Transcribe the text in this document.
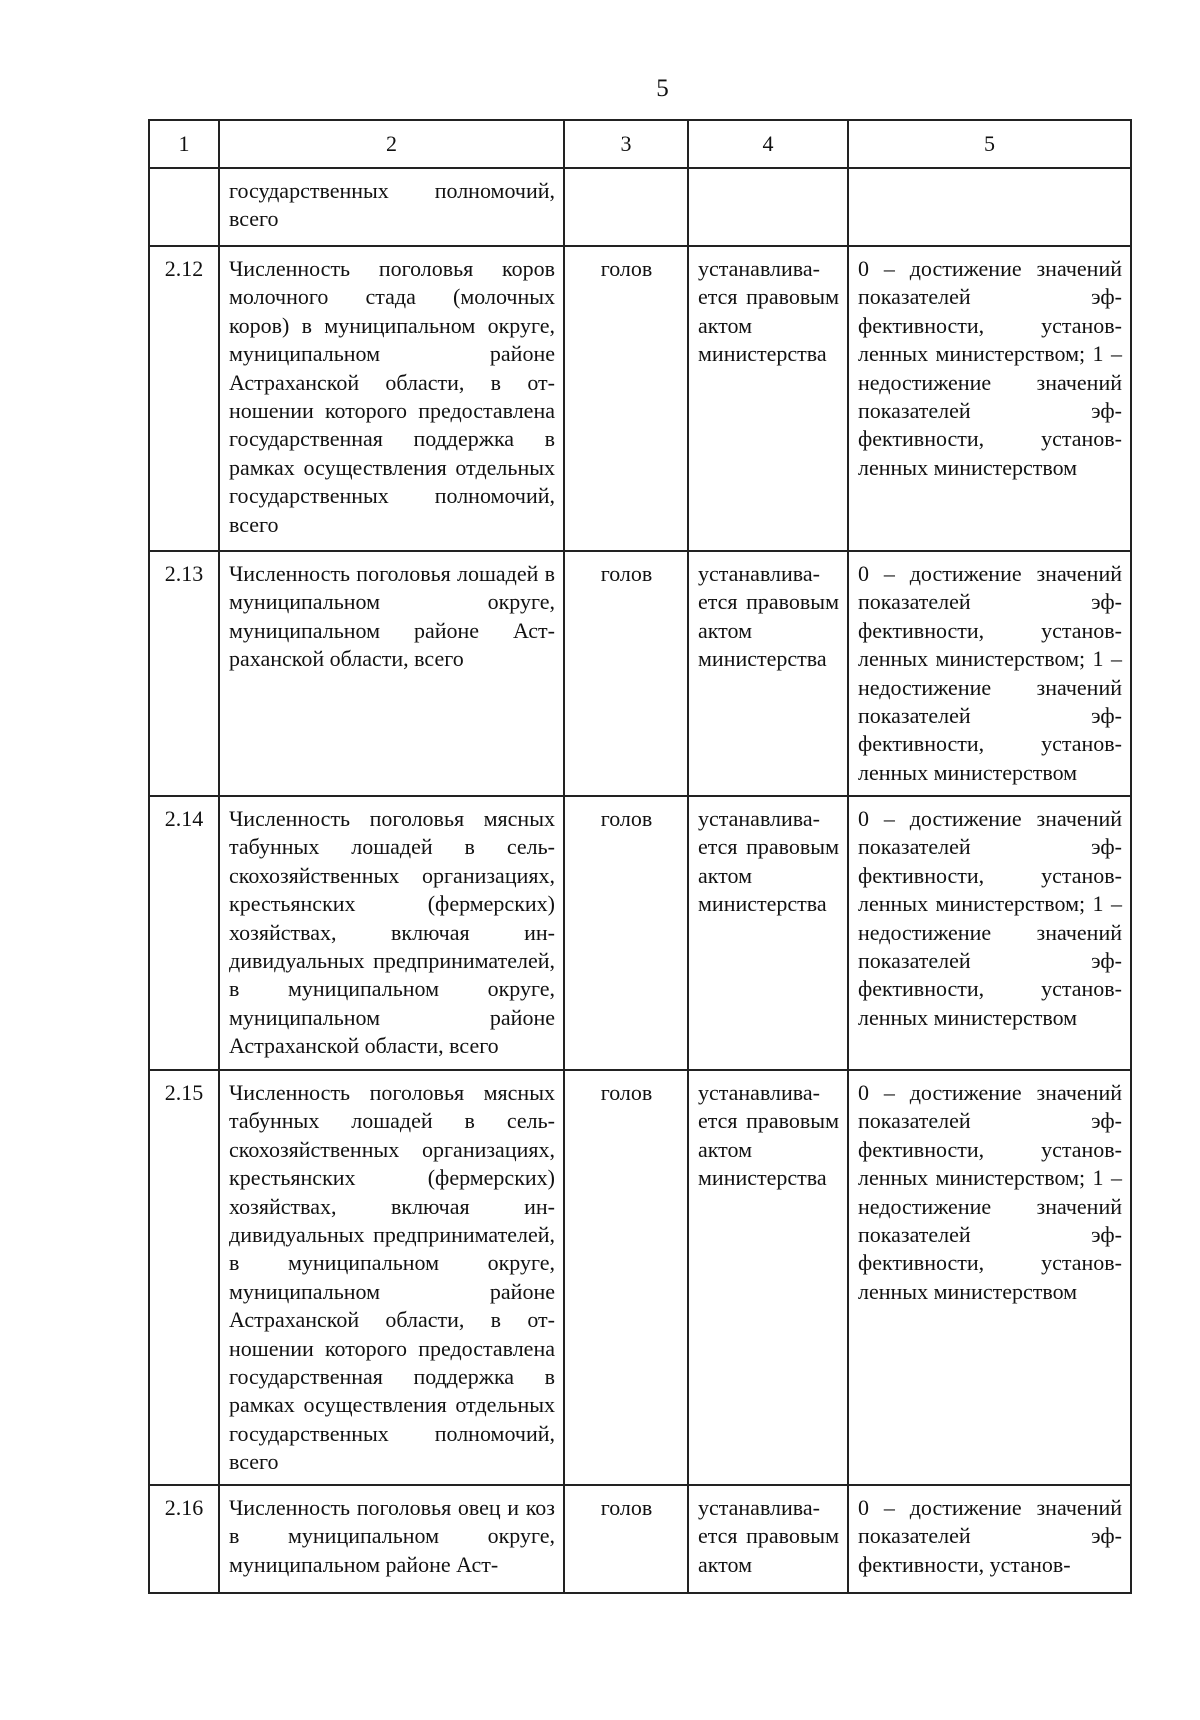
5
1	2	3	4	5
	государственных полномочий, всего			
2.12	Численность поголовья коров молочного стада (молочных коров) в муниципальном округе, муниципальном районе Астраханской области, в отношении которого предоставлена государственная поддержка в рамках осуществления отдельных государственных полномочий, всего	голов	устанавливается правовым актом министерства	0 – достижение значений показателей эффективности, установленных министерством; 1 – недостижение значений показателей эффективности, установленных министерством
2.13	Численность поголовья лошадей в муниципальном округе, муниципальном районе Астраханской области, всего	голов	устанавливается правовым актом министерства	0 – достижение значений показателей эффективности, установленных министерством; 1 – недостижение значений показателей эффективности, установленных министерством
2.14	Численность поголовья мясных табунных лошадей в сельскохозяйственных организациях, крестьянских (фермерских) хозяйствах, включая индивидуальных предпринимателей, в муниципальном округе, муниципальном районе Астраханской области, всего	голов	устанавливается правовым актом министерства	0 – достижение значений показателей эффективности, установленных министерством; 1 – недостижение значений показателей эффективности, установленных министерством
2.15	Численность поголовья мясных табунных лошадей в сельскохозяйственных организациях, крестьянских (фермерских) хозяйствах, включая индивидуальных предпринимателей, в муниципальном округе, муниципальном районе Астраханской области, в отношении которого предоставлена государственная поддержка в рамках осуществления отдельных государственных полномочий, всего	голов	устанавливается правовым актом министерства	0 – достижение значений показателей эффективности, установленных министерством; 1 – недостижение значений показателей эффективности, установленных министерством
2.16	Численность поголовья овец и коз в муниципальном округе, муниципальном районе Аст-	голов	устанавливается правовым актом	0 – достижение значений показателей эффективности, установ-
